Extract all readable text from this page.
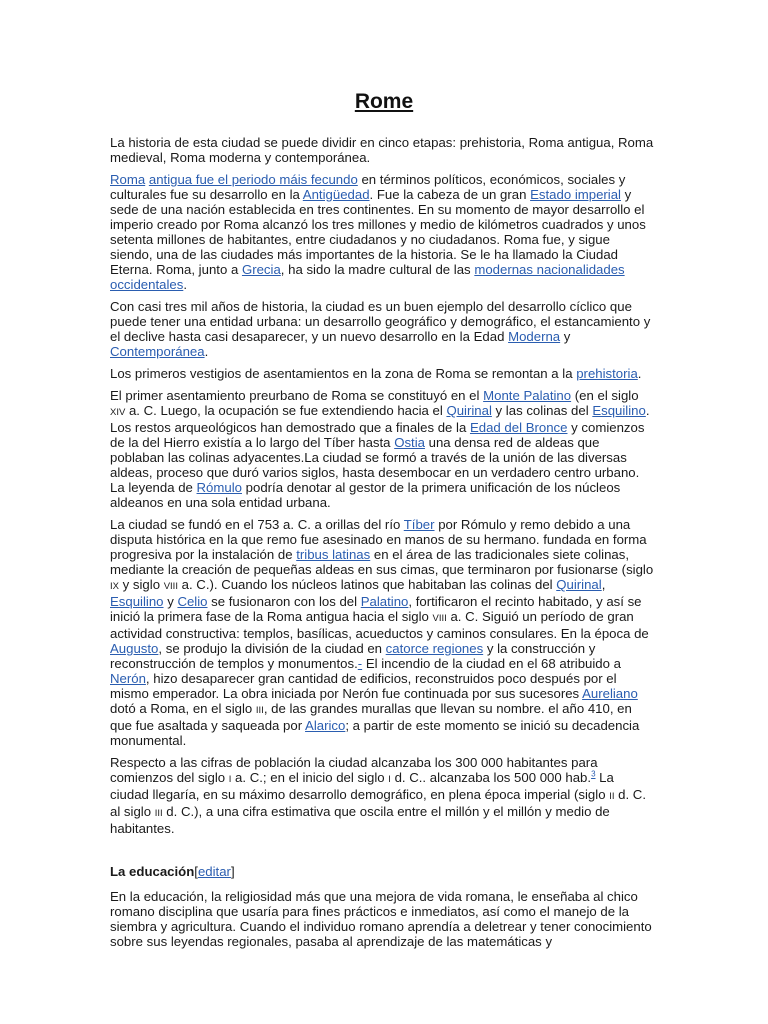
Rome

La historia de esta ciudad se puede dividir en cinco etapas: prehistoria, Roma antigua, Roma medieval, Roma moderna y contemporánea.

Roma antigua fue el periodo máis fecundo en términos políticos, económicos, sociales y culturales fue su desarrollo en la Antigüedad. Fue la cabeza de un gran Estado imperial y sede de una nación establecida en tres continentes. En su momento de mayor desarrollo el imperio creado por Roma alcanzó los tres millones y medio de kilómetros cuadrados y unos setenta millones de habitantes, entre ciudadanos y no ciudadanos. Roma fue, y sigue siendo, una de las ciudades más importantes de la historia. Se le ha llamado la Ciudad Eterna. Roma, junto a Grecia, ha sido la madre cultural de las modernas nacionalidades occidentales.

Con casi tres mil años de historia, la ciudad es un buen ejemplo del desarrollo cíclico que puede tener una entidad urbana: un desarrollo geográfico y demográfico, el estancamiento y el declive hasta casi desaparecer, y un nuevo desarrollo en la Edad Moderna y Contemporánea.

Los primeros vestigios de asentamientos en la zona de Roma se remontan a la prehistoria.

El primer asentamiento preurbano de Roma se constituyó en el Monte Palatino (en el siglo XIV a. C. Luego, la ocupación se fue extendiendo hacia el Quirinal y las colinas del Esquilino. Los restos arqueológicos han demostrado que a finales de la Edad del Bronce y comienzos de la del Hierro existía a lo largo del Tíber hasta Ostia una densa red de aldeas que poblaban las colinas adyacentes.La ciudad se formó a través de la unión de las diversas aldeas, proceso que duró varios siglos, hasta desembocar en un verdadero centro urbano. La leyenda de Rómulo podría denotar al gestor de la primera unificación de los núcleos aldeanos en una sola entidad urbana.

La ciudad se fundó en el 753 a. C. a orillas del río Tíber por Rómulo y remo debido a una disputa histórica en la que remo fue asesinado en manos de su hermano. fundada en forma progresiva por la instalación de tribus latinas en el área de las tradicionales siete colinas, mediante la creación de pequeñas aldeas en sus cimas, que terminaron por fusionarse (siglo IX y siglo VIII a. C.). Cuando los núcleos latinos que habitaban las colinas del Quirinal, Esquilino y Celio se fusionaron con los del Palatino, fortificaron el recinto habitado, y así se inició la primera fase de la Roma antigua hacia el siglo VIII a. C. Siguió un período de gran actividad constructiva: templos, basílicas, acueductos y caminos consulares. En la época de Augusto, se produjo la división de la ciudad en catorce regiones y la construcción y reconstrucción de templos y monumentos.- El incendio de la ciudad en el 68 atribuido a Nerón, hizo desaparecer gran cantidad de edificios, reconstruidos poco después por el mismo emperador. La obra iniciada por Nerón fue continuada por sus sucesores Aureliano dotó a Roma, en el siglo III, de las grandes murallas que llevan su nombre. el año 410, en que fue asaltada y saqueada por Alarico; a partir de este momento se inició su decadencia monumental.

Respecto a las cifras de población la ciudad alcanzaba los 300 000 habitantes para comienzos del siglo I a. C.; en el inicio del siglo I d. C.. alcanzaba los 500 000 hab.$^3$ La ciudad llegaría, en su máximo desarrollo demográfico, en plena época imperial (siglo II d. C. al siglo III d. C.), a una cifra estimativa que oscila entre el millón y el millón y medio de habitantes.

La educación[editar]

En la educación, la religiosidad más que una mejora de vida romana, le enseñaba al chico romano disciplina que usaría para fines prácticos e inmediatos, así como el manejo de la siembra y agricultura. Cuando el individuo romano aprendía a deletrear y tener conocimiento sobre sus leyendas regionales, pasaba al aprendizaje de las matemáticas y
